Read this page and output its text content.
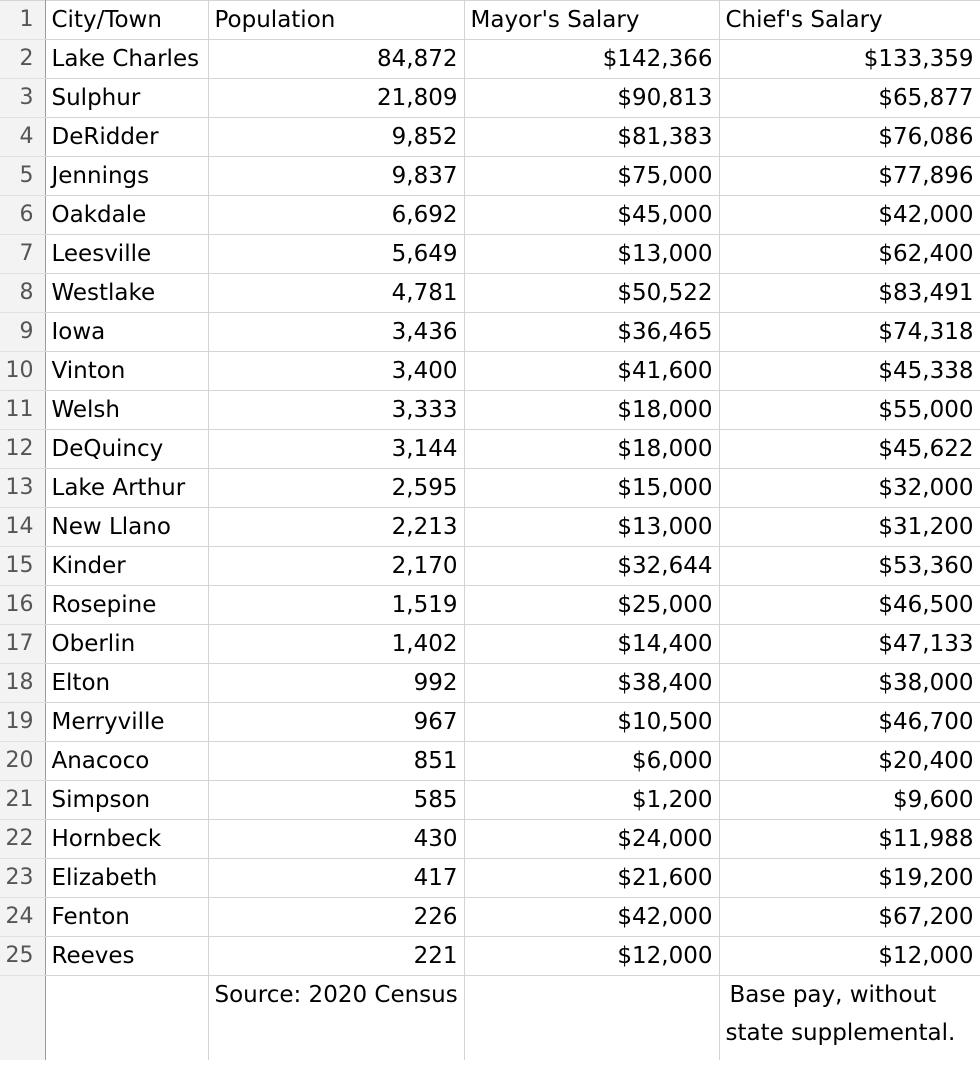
1	City/Town	Population	Mayor's Salary	Chief's Salary
2	Lake Charles	84,872	$142,366	$133,359
3	Sulphur	21,809	$90,813	$65,877
4	DeRidder	9,852	$81,383	$76,086
5	Jennings	9,837	$75,000	$77,896
6	Oakdale	6,692	$45,000	$42,000
7	Leesville	5,649	$13,000	$62,400
8	Westlake	4,781	$50,522	$83,491
9	Iowa	3,436	$36,465	$74,318
10	Vinton	3,400	$41,600	$45,338
11	Welsh	3,333	$18,000	$55,000
12	DeQuincy	3,144	$18,000	$45,622
13	Lake Arthur	2,595	$15,000	$32,000
14	New Llano	2,213	$13,000	$31,200
15	Kinder	2,170	$32,644	$53,360
16	Rosepine	1,519	$25,000	$46,500
17	Oberlin	1,402	$14,400	$47,133
18	Elton	992	$38,400	$38,000
19	Merryville	967	$10,500	$46,700
20	Anacoco	851	$6,000	$20,400
21	Simpson	585	$1,200	$9,600
22	Hornbeck	430	$24,000	$11,988
23	Elizabeth	417	$21,600	$19,200
24	Fenton	226	$42,000	$67,200
25	Reeves	221	$12,000	$12,000
		Source: 2020 Census		Base pay, without
state supplemental.
